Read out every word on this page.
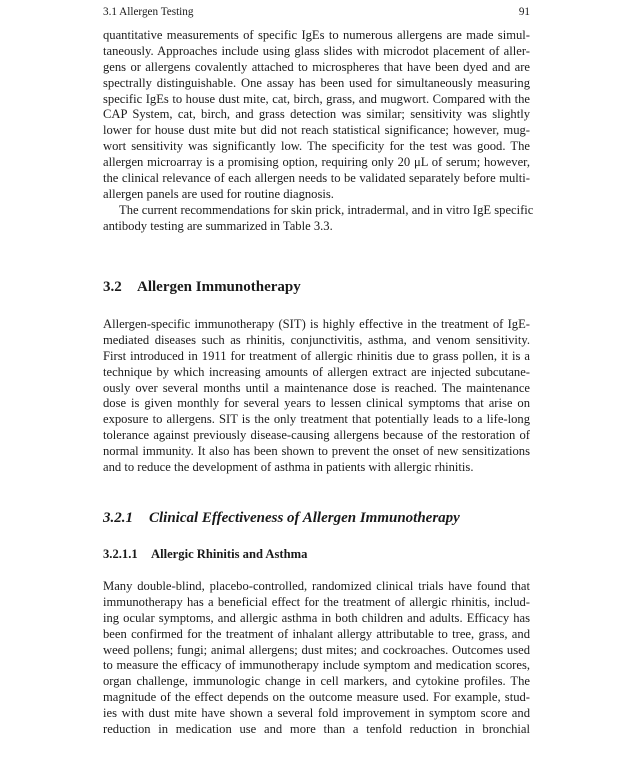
3.1 Allergen Testing	91
quantitative measurements of specific IgEs to numerous allergens are made simul-
taneously. Approaches include using glass slides with microdot placement of aller-
gens or allergens covalently attached to microspheres that have been dyed and are
spectrally distinguishable. One assay has been used for simultaneously measuring
specific IgEs to house dust mite, cat, birch, grass, and mugwort. Compared with the
CAP System, cat, birch, and grass detection was similar; sensitivity was slightly
lower for house dust mite but did not reach statistical significance; however, mug-
wort sensitivity was significantly low. The specificity for the test was good. The
allergen microarray is a promising option, requiring only 20 μL of serum; however,
the clinical relevance of each allergen needs to be validated separately before multi-
allergen panels are used for routine diagnosis.
The current recommendations for skin prick, intradermal, and in vitro IgE specific
antibody testing are summarized in Table 3.3.
3.2 Allergen Immunotherapy
Allergen-specific immunotherapy (SIT) is highly effective in the treatment of IgE-
mediated diseases such as rhinitis, conjunctivitis, asthma, and venom sensitivity.
First introduced in 1911 for treatment of allergic rhinitis due to grass pollen, it is a
technique by which increasing amounts of allergen extract are injected subcutane-
ously over several months until a maintenance dose is reached. The maintenance
dose is given monthly for several years to lessen clinical symptoms that arise on
exposure to allergens. SIT is the only treatment that potentially leads to a life-long
tolerance against previously disease-causing allergens because of the restoration of
normal immunity. It also has been shown to prevent the onset of new sensitizations
and to reduce the development of asthma in patients with allergic rhinitis.
3.2.1 Clinical Effectiveness of Allergen Immunotherapy
3.2.1.1 Allergic Rhinitis and Asthma
Many double-blind, placebo-controlled, randomized clinical trials have found that
immunotherapy has a beneficial effect for the treatment of allergic rhinitis, includ-
ing ocular symptoms, and allergic asthma in both children and adults. Efficacy has
been confirmed for the treatment of inhalant allergy attributable to tree, grass, and
weed pollens; fungi; animal allergens; dust mites; and cockroaches. Outcomes used
to measure the efficacy of immunotherapy include symptom and medication scores,
organ challenge, immunologic change in cell markers, and cytokine profiles. The
magnitude of the effect depends on the outcome measure used. For example, stud-
ies with dust mite have shown a several fold improvement in symptom score and
reduction in medication use and more than a tenfold reduction in bronchial
